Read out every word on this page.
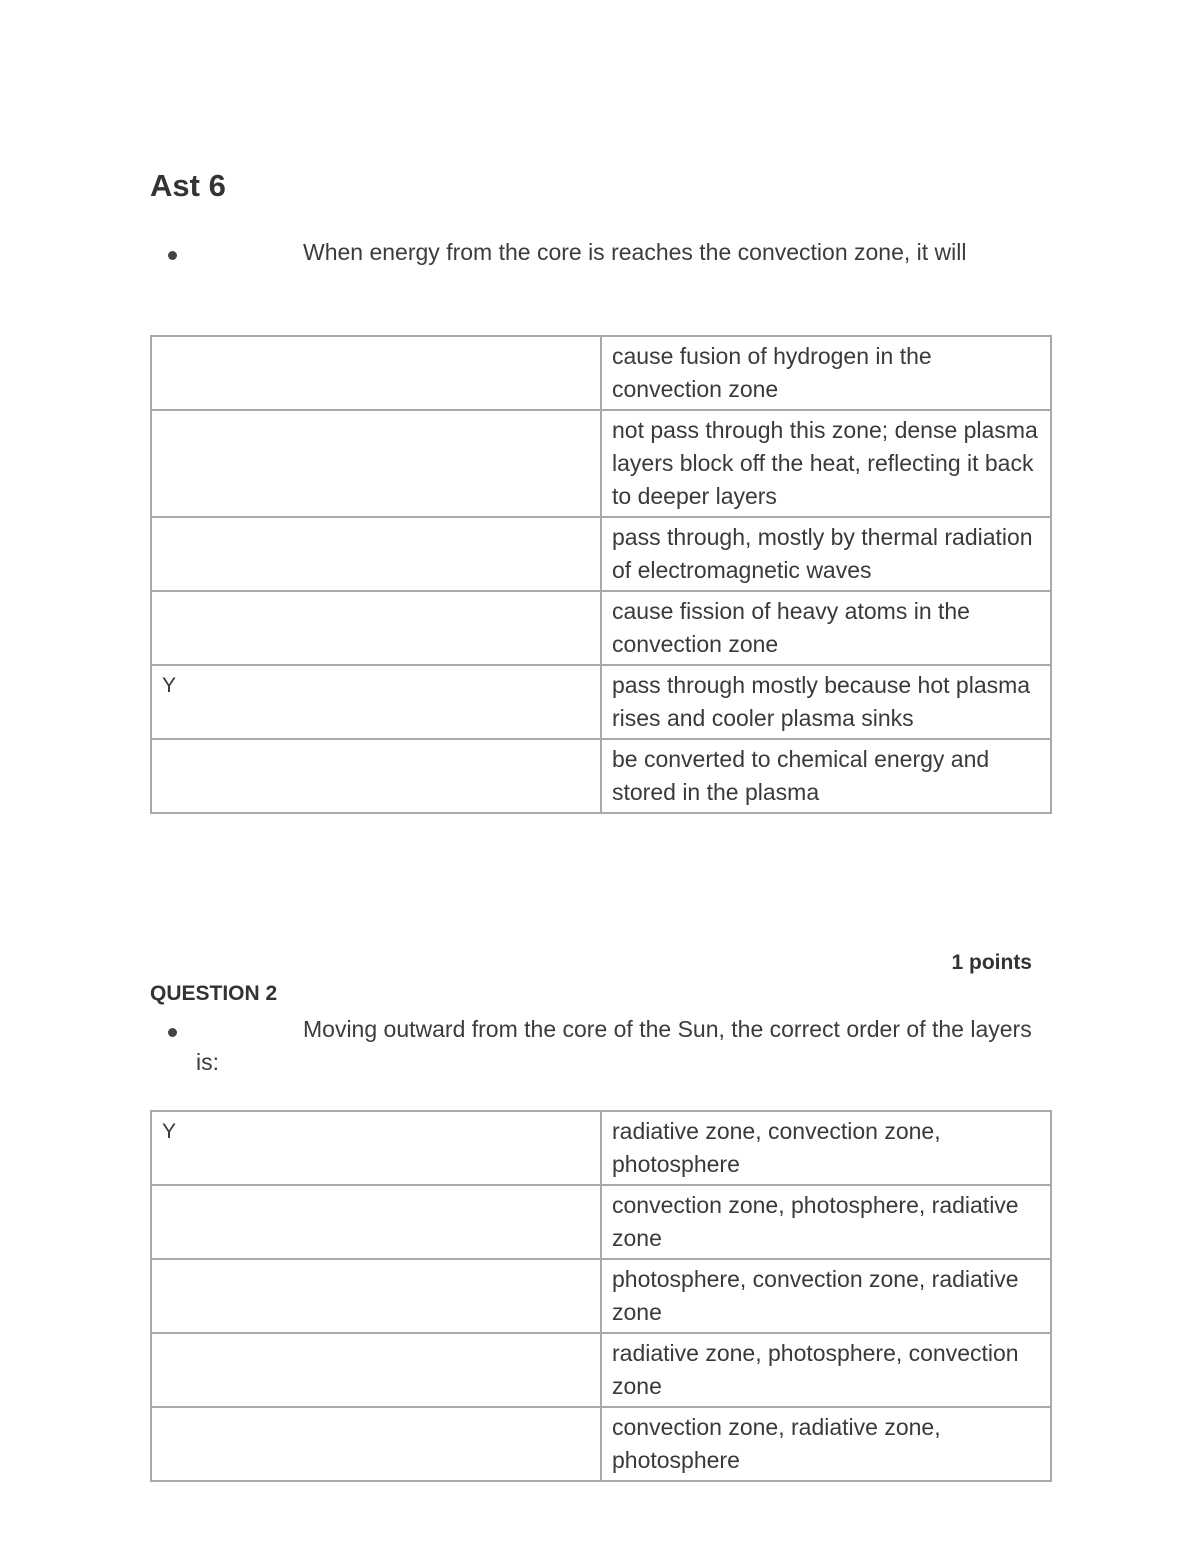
Ast 6
When energy from the core is reaches the convection zone, it will
	cause fusion of hydrogen in the convection zone
	not pass through this zone; dense plasma layers block off the heat, reflecting it back to deeper layers
	pass through, mostly by thermal radiation of electromagnetic waves
	cause fission of heavy atoms in the convection zone
Y	pass through mostly because hot plasma rises and cooler plasma sinks
	be converted to chemical energy and stored in the plasma
1 points
QUESTION 2
Moving outward from the core of the Sun, the correct order of the layers is:
Y	radiative zone, convection zone, photosphere
	convection zone, photosphere, radiative zone
	photosphere, convection zone, radiative zone
	radiative zone, photosphere, convection zone
	convection zone, radiative zone, photosphere
